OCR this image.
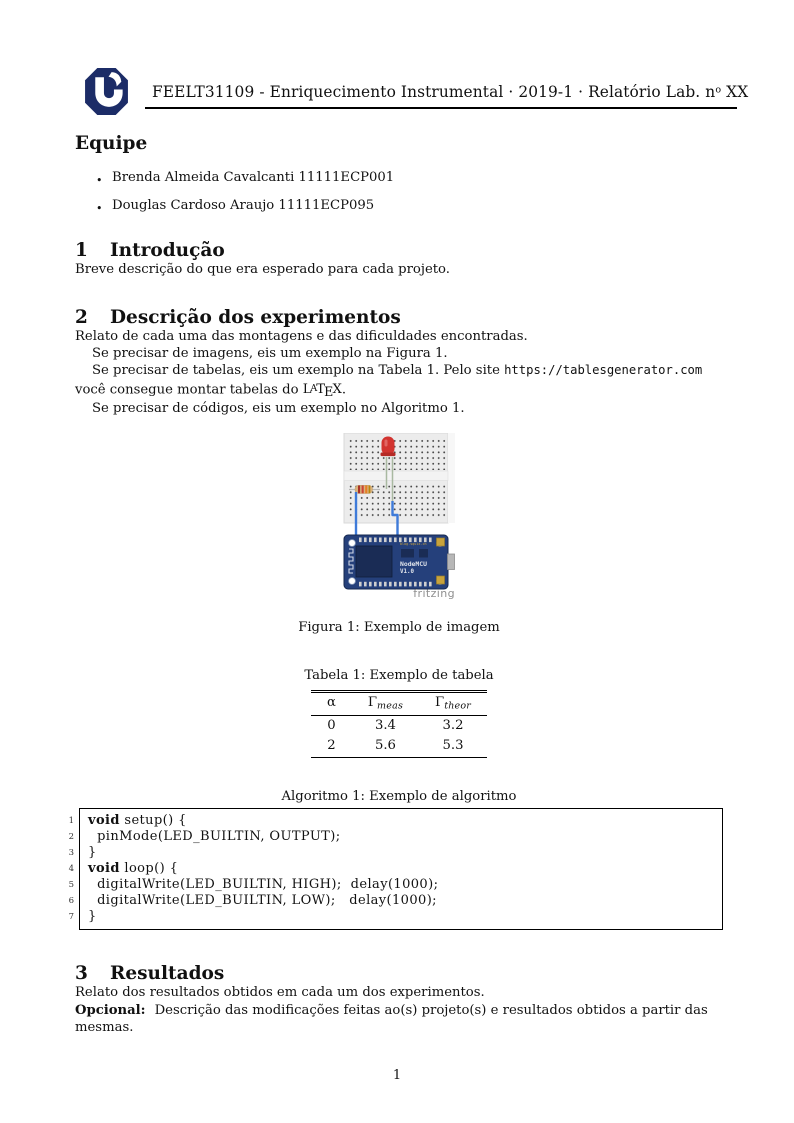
FEELT31109 - Enriquecimento Instrumental · 2019-1 · Relatório Lab. $n^o$ XX
Equipe
• Brenda Almeida Cavalcanti 11111ECP001
• Douglas Cardoso Araujo 11111ECP095
1	Introdução

Breve descrição do que era esperado para cada projeto.

2	Descrição dos experimentos

Relato de cada uma das montagens e das dificuldades encontradas.

Se precisar de imagens, eis um exemplo na Figura 1.

Se precisar de tabelas, eis um exemplo na Tabela 1. Pelo site https://tablesgenerator.com você consegue montar tabelas do LATEX.

Se precisar de códigos, eis um exemplo no Algoritmo 1.

blog.squix.ch
NodeMCU
V1.0
fritzing
Figura 1: Exemplo de imagem
Tabela 1: Exemplo de tabela
α	Γmeas	Γtheor
0	3.4	3.2
2	5.6	5.3
Algoritmo 1: Exemplo de algoritmo
1
2
3
4
5
6
7
void setup() {
pinMode(LED_BUILTIN, OUTPUT);
}
void loop() {
digitalWrite(LED_BUILTIN, HIGH);  delay(1000);
digitalWrite(LED_BUILTIN, LOW);   delay(1000);
}
3	Resultados

Relato dos resultados obtidos em cada um dos experimentos.

Opcional: Descrição das modificações feitas ao(s) projeto(s) e resultados obtidos a partir das mesmas.

1
